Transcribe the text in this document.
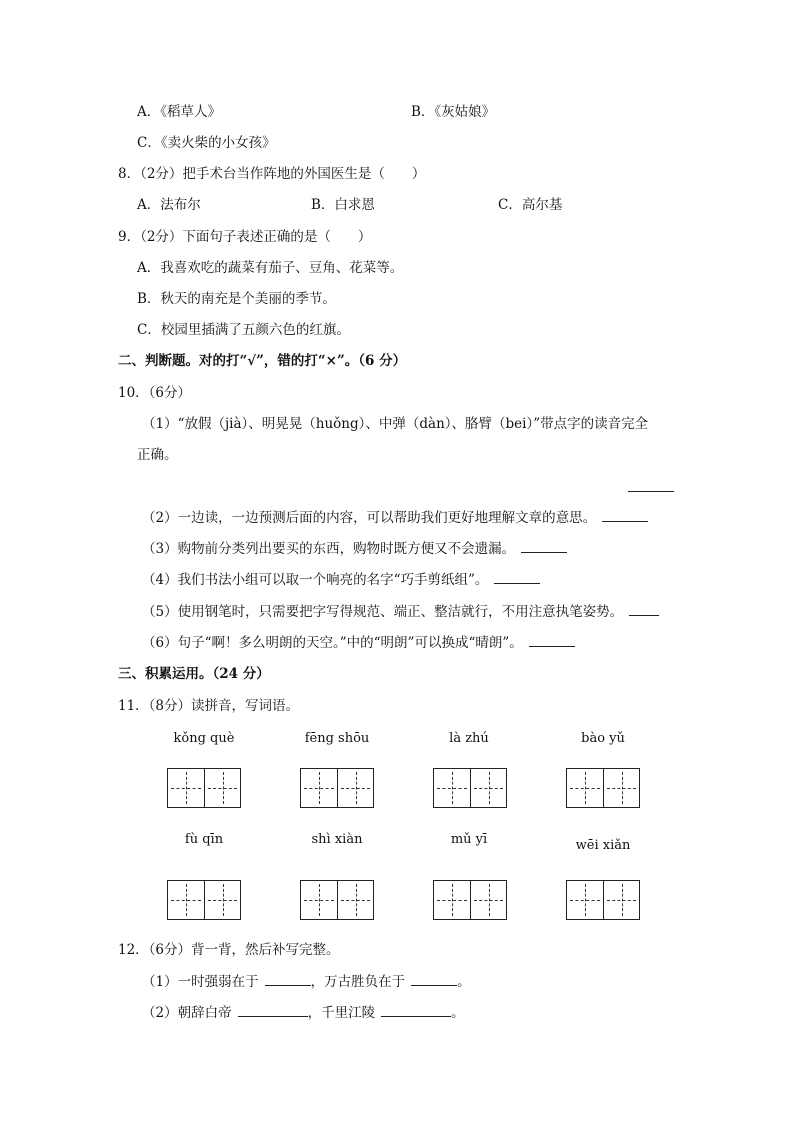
A．《稻草人》	B．《灰姑娘》
C．《卖火柴的小女孩》
8．（2分）把手术台当作阵地的外国医生是（　　）
A．法布尔	B．白求恩	C．高尔基
9．（2分）下面句子表述正确的是（　　）
A．我喜欢吃的蔬菜有茄子、豆角、花菜等。
B．秋天的南充是个美丽的季节。
C．校园里插满了五颜六色的红旗。
二、判断题。对的打“√”，错的打“×”。（6 分）
10．（6分）
（1）“放假（jià）、明晃晃（huǒng）、中弹（dàn）、胳臂（bei）”带点字的读音完全
正确。
（2）一边读，一边预测后面的内容，可以帮助我们更好地理解文章的意思。
（3）购物前分类列出要买的东西，购物时既方便又不会遗漏。
（4）我们书法小组可以取一个响亮的名字“巧手剪纸组”。
（5）使用钢笔时，只需要把字写得规范、端正、整洁就行，不用注意执笔姿势。
（6）句子“啊！多么明朗的天空。”中的“明朗”可以换成“晴朗”。
三、积累运用。（24 分）
11．（8分）读拼音，写词语。
kǒng què	fēng shōu	là zhú	bào yǔ
fù qīn	shì xiàn	mǔ yī	wēi xiǎn
12．（6分）背一背，然后补写完整。
（1）一时强弱在于	，万古胜负在于	。
（2）朝辞白帝	，千里江陵	。
